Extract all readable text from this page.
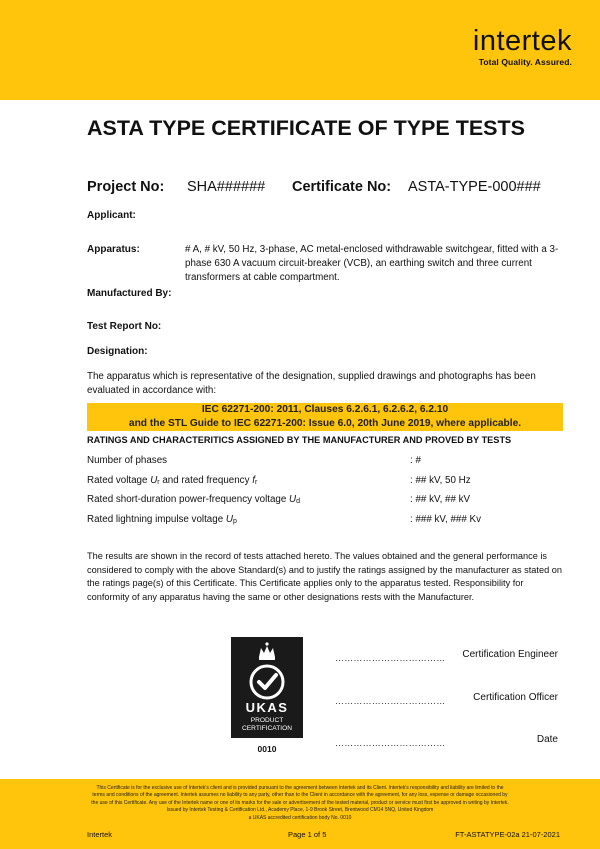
intertek
Total Quality. Assured.
ASTA TYPE CERTIFICATE OF TYPE TESTS
Project No: SHA###### Certificate No: ASTA-TYPE-000###
Applicant:
Apparatus:	# A, # kV, 50 Hz, 3-phase, AC metal-enclosed withdrawable switchgear, fitted with a 3-phase 630 A vacuum circuit-breaker (VCB), an earthing switch and three current transformers at cable compartment.
Manufactured By:
Test Report No:
Designation:
The apparatus which is representative of the designation, supplied drawings and photographs has been evaluated in accordance with:
IEC 62271-200: 2011, Clauses 6.2.6.1, 6.2.6.2, 6.2.10
and the STL Guide to IEC 62271-200: Issue 6.0, 20th June 2019, where applicable.
RATINGS AND CHARACTERITICS ASSIGNED BY THE MANUFACTURER AND PROVED BY TESTS
Number of phases	: #
Rated voltage Ur and rated frequency fr	: ## kV, 50 Hz
Rated short-duration power-frequency voltage Ud	: ## kV, ## kV
Rated lightning impulse voltage Up	: ### kV, ### Kv
The results are shown in the record of tests attached hereto. The values obtained and the general performance is considered to comply with the above Standard(s) and to justify the ratings assigned by the manufacturer as stated on the ratings page(s) of this Certificate. This Certificate applies only to the apparatus tested. Responsibility for conformity of any apparatus having the same or other designations rests with the Manufacturer.
UKAS
PRODUCT
CERTIFICATION
0010
……………………………… Certification Engineer
………………………………	Certification Officer
………………………………	Date
This Certificate is for the exclusive use of Intertek's client and is provided pursuant to the agreement between Intertek and its Client. Intertek's responsibility and liability are limited to the
terms and conditions of the agreement. Intertek assumes no liability to any party, other than to the Client in accordance with the agreement, for any loss, expense or damage occasioned by
the use of this Certificate. Any use of the Intertek name or one of its marks for the sale or advertisement of the tested material, product or service must first be approved in writing by Intertek.
Issued by Intertek Testing & Certification Ltd., Academy Place, 1-9 Brook Street, Brentwood CM14 5NQ, United Kingdom
a UKAS accredited certification body No. 0010
Intertek	Page 1 of 5	FT-ASTATYPE-02a 21-07-2021
